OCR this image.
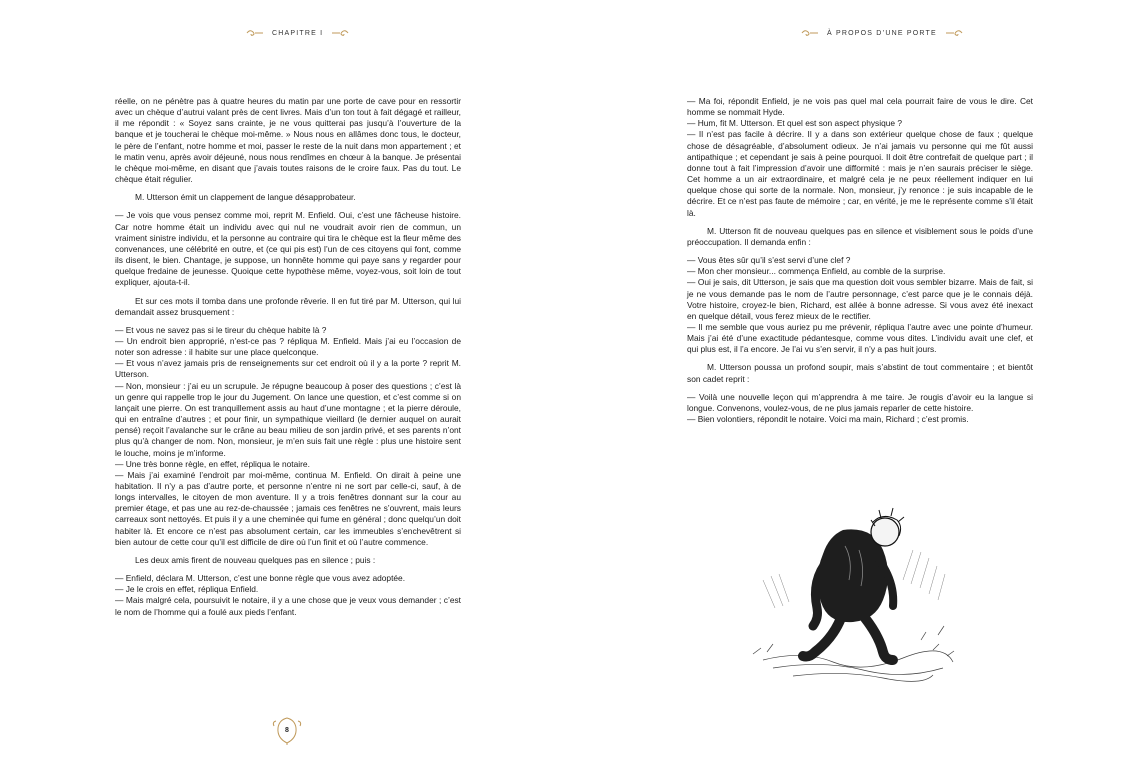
CHAPITRE I

réelle, on ne pénètre pas à quatre heures du matin par une porte de cave pour en ressortir avec un chèque d’autrui valant près de cent livres. Mais d’un ton tout à fait dégagé et railleur, il me répondit : « Soyez sans crainte, je ne vous quitterai pas jusqu’à l’ouverture de la banque et je toucherai le chèque moi-même. » Nous nous en allâmes donc tous, le docteur, le père de l’enfant, notre homme et moi, passer le reste de la nuit dans mon appartement ; et le matin venu, après avoir déjeuné, nous nous rendîmes en chœur à la banque. Je présentai le chèque moi-même, en disant que j’avais toutes raisons de le croire faux. Pas du tout. Le chèque était régulier.

M. Utterson émit un clappement de langue désapprobateur.

— Je vois que vous pensez comme moi, reprit M. Enfield. Oui, c’est une fâcheuse histoire. Car notre homme était un individu avec qui nul ne voudrait avoir rien de commun, un vraiment sinistre individu, et la personne au contraire qui tira le chèque est la fleur même des convenances, une célébrité en outre, et (ce qui pis est) l’un de ces citoyens qui font, comme ils disent, le bien. Chantage, je suppose, un honnête homme qui paye sans y regarder pour quelque fredaine de jeunesse. Quoique cette hypothèse même, voyez-vous, soit loin de tout expliquer, ajouta-t-il.

Et sur ces mots il tomba dans une profonde rêverie. Il en fut tiré par M. Utterson, qui lui demandait assez brusquement :

— Et vous ne savez pas si le tireur du chèque habite là ?

— Un endroit bien approprié, n’est-ce pas ? répliqua M. Enfield. Mais j’ai eu l’occasion de noter son adresse : il habite sur une place quelconque.

— Et vous n’avez jamais pris de renseignements sur cet endroit où il y a la porte ? reprit M. Utterson.

— Non, monsieur : j’ai eu un scrupule. Je répugne beaucoup à poser des questions ; c’est là un genre qui rappelle trop le jour du Jugement. On lance une question, et c’est comme si on lançait une pierre. On est tranquillement assis au haut d’une montagne ; et la pierre déroule, qui en entraîne d’autres ; et pour finir, un sympathique vieillard (le dernier auquel on aurait pensé) reçoit l’avalanche sur le crâne au beau milieu de son jardin privé, et ses parents n’ont plus qu’à changer de nom. Non, monsieur, je m’en suis fait une règle : plus une histoire sent le louche, moins je m’informe.

— Une très bonne règle, en effet, répliqua le notaire.

— Mais j’ai examiné l’endroit par moi-même, continua M. Enfield. On dirait à peine une habitation. Il n’y a pas d’autre porte, et personne n’entre ni ne sort par celle-ci, sauf, à de longs intervalles, le citoyen de mon aventure. Il y a trois fenêtres donnant sur la cour au premier étage, et pas une au rez-de-chaussée ; jamais ces fenêtres ne s’ouvrent, mais leurs carreaux sont nettoyés. Et puis il y a une cheminée qui fume en général ; donc quelqu’un doit habiter là. Et encore ce n’est pas absolument certain, car les immeubles s’enchevêtrent si bien autour de cette cour qu’il est difficile de dire où l’un finit et où l’autre commence.

Les deux amis firent de nouveau quelques pas en silence ; puis :

— Enfield, déclara M. Utterson, c’est une bonne règle que vous avez adoptée.

— Je le crois en effet, répliqua Enfield.

— Mais malgré cela, poursuivit le notaire, il y a une chose que je veux vous demander ; c’est le nom de l’homme qui a foulé aux pieds l’enfant.

8
À PROPOS D’UNE PORTE

— Ma foi, répondit Enfield, je ne vois pas quel mal cela pourrait faire de vous le dire. Cet homme se nommait Hyde.

— Hum, fit M. Utterson. Et quel est son aspect physique ?

— Il n’est pas facile à décrire. Il y a dans son extérieur quelque chose de faux ; quelque chose de désagréable, d’absolument odieux. Je n’ai jamais vu personne qui me fût aussi antipathique ; et cependant je sais à peine pourquoi. Il doit être contrefait de quelque part ; il donne tout à fait l’impression d’avoir une difformité : mais je n’en saurais préciser le siège. Cet homme a un air extraordinaire, et malgré cela je ne peux réellement indiquer en lui quelque chose qui sorte de la normale. Non, monsieur, j’y renonce : je suis incapable de le décrire. Et ce n’est pas faute de mémoire ; car, en vérité, je me le représente comme s’il était là.

M. Utterson fit de nouveau quelques pas en silence et visiblement sous le poids d’une préoccupation. Il demanda enfin :

— Vous êtes sûr qu’il s’est servi d’une clef ?

— Mon cher monsieur... commença Enfield, au comble de la surprise.

— Oui je sais, dit Utterson, je sais que ma question doit vous sembler bizarre. Mais de fait, si je ne vous demande pas le nom de l’autre personnage, c’est parce que je le connais déjà. Votre histoire, croyez-le bien, Richard, est allée à bonne adresse. Si vous avez été inexact en quelque détail, vous ferez mieux de le rectifier.

— Il me semble que vous auriez pu me prévenir, répliqua l’autre avec une pointe d’humeur. Mais j’ai été d’une exactitude pédantesque, comme vous dites. L’individu avait une clef, et qui plus est, il l’a encore. Je l’ai vu s’en servir, il n’y a pas huit jours.

M. Utterson poussa un profond soupir, mais s’abstint de tout commentaire ; et bientôt son cadet reprit :

— Voilà une nouvelle leçon qui m’apprendra à me taire. Je rougis d’avoir eu la langue si longue. Convenons, voulez-vous, de ne plus jamais reparler de cette histoire.

— Bien volontiers, répondit le notaire. Voici ma main, Richard ; c’est promis.
